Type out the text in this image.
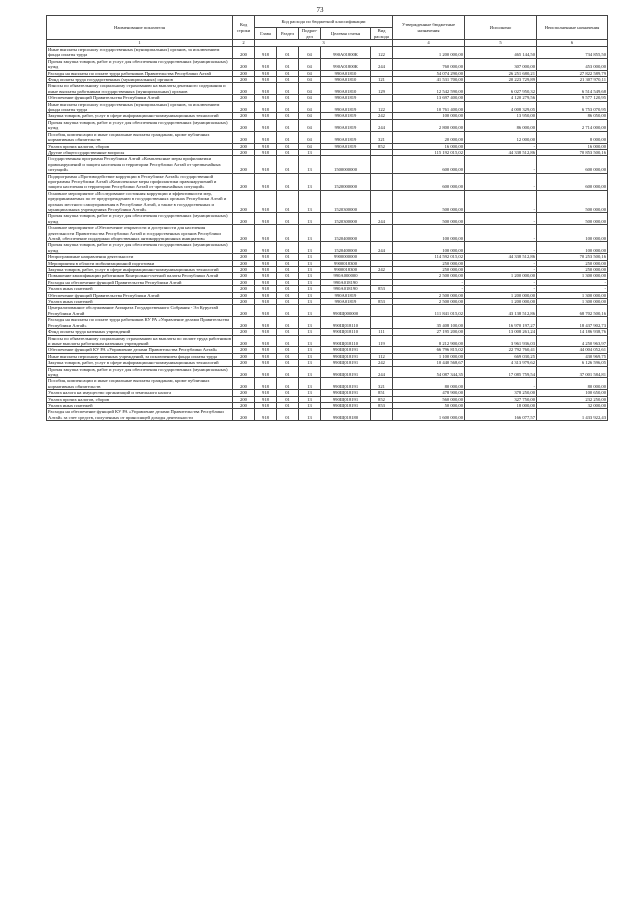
73
Наименование показателя	Код строки	Код расхода по бюджетной классификации					Утвержденные бюджетные назначения	Исполнено	Неисполненные назначения
		Главa	Раздел	Подраз-дел	Целевая статья	Вид расхода			
1	2	3					4	5	6
Иные выплаты персоналу государственных (муниципальных) органов, за исключением фонда оплаты труда	200	918	01	04	990А01800К	122	1 200 000,00	465 144,50	734 855,50
Прочая закупка товаров, работ и услуг для обеспечения государственных (муниципальных) нужд	200	918	01	04	990А01800К	244	760 000,00	307 000,00	453 000,00
Расходы на выплаты по оплате труда работников Правительства Республики Алтай	200	918	01	04	990А01810		54 074 290,00	26 251 680,21	27 822 589,79
Фонд оплаты труда государственных (муниципальных) органов	200	918	01	04	990А01810	121	41 531 700,00	20 223 729,89	21 307 970,11
Взносы по обязательному социальному страхованию на выплаты денежного содержания и иные выплаты работникам государственных (муниципальных) органов	200	918	01	04	990А01810	129	12 542 590,00	6 027 950,32	6 514 549,68
Обеспечение функций Правительства Республики Алтай	200	918	01	04	990А01819		13 697 400,00	4 120 279,56	9 577 120,95
Иные выплаты персоналу государственных (муниципальных) органов, за исключением фонда оплаты труда	200	918	01	04	990А01819	122	10 761 400,00	4 008 329,05	6 753 070,95
Закупка товаров, работ, услуг в сфере информационно-коммуникационных технологий	200	918	01	04	990А01819	242	100 000,00	13 950,00	86 050,00
Прочая закупка товаров, работ и услуг для обеспечения государственных (муниципальных) нужд	200	918	01	04	990А01819	244	2 800 000,00	86 000,00	2 714 000,00
Пособия, компенсации и иные социальные выплаты гражданам, кроме публичных нормативных обязательств	200	918	01	04	990А01819	321	20 000,00	12 000,00	8 000,00
Уплата прочих налогов, сборов	200	918	01	04	990А01819	852	16 000,00	-	16 000,00
Другие общегосударственные вопросы	200	918	01	13			115 192 015,02	44 338 512,86	70 853 500,16
Государственная программа Республики Алтай «Комплексные меры профилактики правонарушений и защита населения и территории Республики Алтай от чрезвычайных ситуаций»	200	918	01	13	1500000000		600 000,00	-	600 000,00
Подпрограмма «Противодействие коррупции в Республике Алтай» государственной программы Республики Алтай «Комплексные меры профилактики правонарушений и защита населения и территории Республики Алтай от чрезвычайных ситуаций»	200	918	01	13	1520000000		600 000,00	-	600 000,00
Основное мероприятие «Исследование состояния коррупции и эффективности мер, предпринимаемых по ее предупреждению в государственных органах Республики Алтай и органах местного самоуправления в Республике Алтай, а также в государственных и муниципальных учреждениях Республики Алтай»	200	918	01	13	1520300000		500 000,00	-	500 000,00
Прочая закупка товаров, работ и услуг для обеспечения государственных (муниципальных) нужд	200	918	01	13	1520300000	244	500 000,00	-	500 000,00
Основное мероприятие «Обеспечение открытости и доступности для населения деятельности Правительства Республики Алтай и государственных органов Республики Алтай, обеспечение поддержки общественных антикоррупционных инициатив»	200	918	01	13	1520400000		100 000,00	-	100 000,00
Прочая закупка товаров, работ и услуг для обеспечения государственных (муниципальных) нужд	200	918	01	13	1520400000	244	100 000,00	-	100 000,00
Непрограммные направления деятельности	200	918	01	13	9900000000		114 592 015,02	44 338 512,86	70 253 500,16
Мероприятия в области мобилизационной подготовки	200	918	01	13	9900018300		250 000,00	-	250 000,00
Закупка товаров, работ, услуг в сфере информационно-коммуникационных технологий	200	918	01	13	9900018300	242	250 000,00	-	250 000,00
Повышение квалификации работников Контрольно-счетной палаты Республики Алтай	200	918	01	13	990А000000		2 500 000,00	1 200 000,00	1 300 000,00
Расходы на обеспечение функций Правительства Республики Алтай	200	918	01	13	990А018190		-	-	-
Уплата иных платежей	200	918	01	13	990А018190	853	-	-	-
Обеспечение функций Правительства Республики Алтай	200	918	01	13	990А01819		2 500 000,00	1 200 000,00	1 300 000,00
Уплата иных платежей	200	918	01	13	990А01819	853	2 500 000,00	1 200 000,00	1 300 000,00
Централизованное обслуживание Аппарата Государственного Собрания - Эл Курултай Республики Алтай	200	918	01	13	990Щ000000		111 841 015,02	43 138 512,86	68 702 500,16
Расходы на выплаты по оплате труда работников КУ РА «Управление делами Правительства Республики Алтай»	200	918	01	13	990Щ018110		35 408 100,00	16 970 197,27	18 437 902,73
Фонд оплаты труда казенных учреждений	200	918	01	13	990Щ018110	111	27 195 200,00	13 008 261,24	14 186 938,76
Взносы по обязательному социальному страхованию на выплаты по оплате труда работников и иные выплаты работникам казенных учреждений	200	918	01	13	990Щ018110	119	8 212 900,00	3 961 936,03	4 250 963,97
Обеспечение функций КУ РА «Управление делами Правительства Республики Алтай»	200	918	01	13	990Щ018191		66 796 815,02	22 792 760,41	44 004 052,61
Иные выплаты персоналу казенных учреждений, за исключением фонда оплаты труда	200	918	01	13	990Щ018191	112	1 100 000,00	669 030,25	430 969,75
Закупка товаров, работ, услуг в сфере информационно-коммуникационных технологий	200	918	01	13	990Щ018191	242	10 440 568,67	4 313 979,62	6 126 596,05
Прочая закупка товаров, работ и услуг для обеспечения государственных (муниципальных) нужд	200	918	01	13	990Щ018191	244	54 087 344,35	17 085 759,54	37 001 584,81
Пособия, компенсации и иные социальные выплаты гражданам, кроме публичных нормативных обязательств	200	918	01	13	990Щ018191	321	80 000,00	-	80 000,00
Уплата налога на имущество организаций и земельного налога	200	918	01	13	990Щ018191	851	478 900,00	378 250,00	100 650,00
Уплата прочих налогов, сборов	200	918	01	13	990Щ018191	852	560 000,00	327 750,00	232 250,00
Уплата иных платежей	200	918	01	13	990Щ018191	853	50 000,00	18 000,00	32 000,00
Расходы на обеспечение функций КУ РА «Управление делами Правительства Республики Алтай» за счет средств, полученных от приносящей доходы деятельности	200	918	01	13	990Щ018180		1 600 000,00	166 077,57	1 433 922,43
